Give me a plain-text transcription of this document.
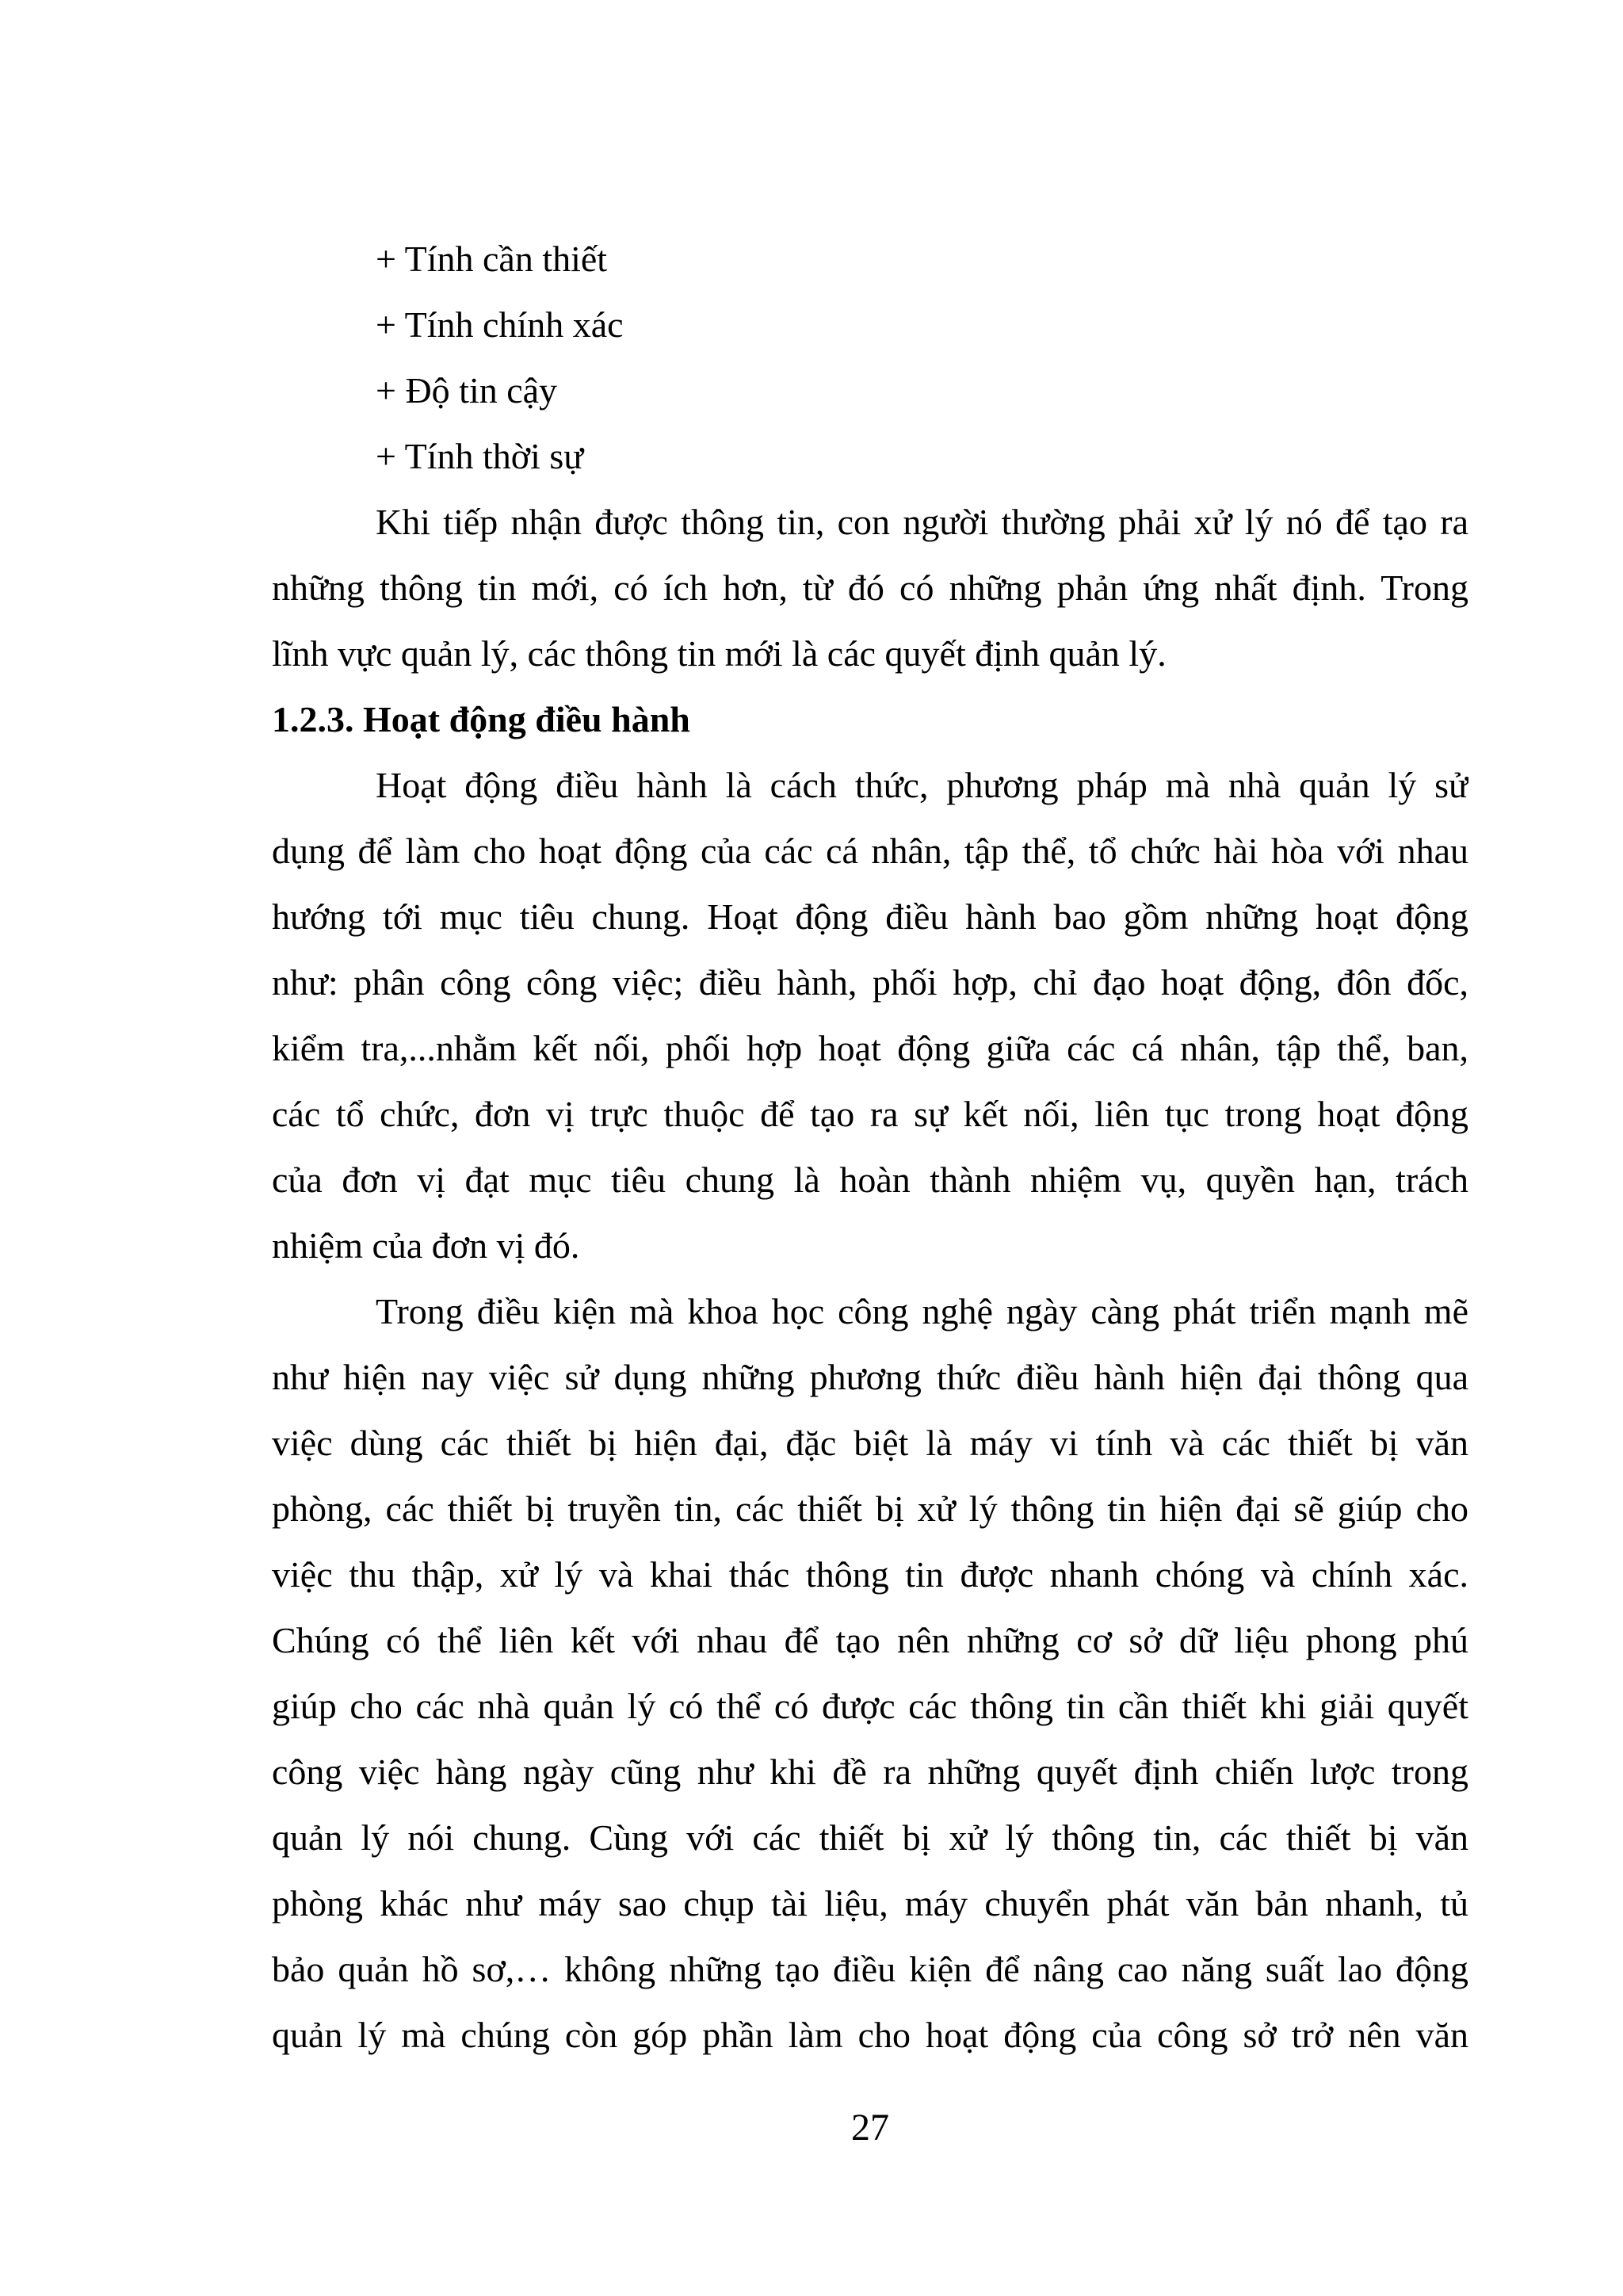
+ Tính cần thiết
+ Tính chính xác
+ Độ tin cậy
+ Tính thời sự
Khi tiếp nhận được thông tin, con người thường phải xử lý nó để tạo ra
những thông tin mới, có ích hơn, từ đó có những phản ứng nhất định. Trong
lĩnh vực quản lý, các thông tin mới là các quyết định quản lý.
1.2.3. Hoạt động điều hành
Hoạt động điều hành là cách thức, phương pháp mà nhà quản lý sử
dụng để làm cho hoạt động của các cá nhân, tập thể, tổ chức hài hòa với nhau
hướng tới mục tiêu chung. Hoạt động điều hành bao gồm những hoạt động
như: phân công công việc; điều hành, phối hợp, chỉ đạo hoạt động, đôn đốc,
kiểm tra,...nhằm kết nối, phối hợp hoạt động giữa các cá nhân, tập thể, ban,
các tổ chức, đơn vị trực thuộc để tạo ra sự kết nối, liên tục trong hoạt động
của đơn vị đạt mục tiêu chung là hoàn thành nhiệm vụ, quyền hạn, trách
nhiệm của đơn vị đó.
Trong điều kiện mà khoa học công nghệ ngày càng phát triển mạnh mẽ
như hiện nay việc sử dụng những phương thức điều hành hiện đại thông qua
việc dùng các thiết bị hiện đại, đặc biệt là máy vi tính và các thiết bị văn
phòng, các thiết bị truyền tin, các thiết bị xử lý thông tin hiện đại sẽ giúp cho
việc thu thập, xử lý và khai thác thông tin được nhanh chóng và chính xác.
Chúng có thể liên kết với nhau để tạo nên những cơ sở dữ liệu phong phú
giúp cho các nhà quản lý có thể có được các thông tin cần thiết khi giải quyết
công việc hàng ngày cũng như khi đề ra những quyết định chiến lược trong
quản lý nói chung. Cùng với các thiết bị xử lý thông tin, các thiết bị văn
phòng khác như máy sao chụp tài liệu, máy chuyển phát văn bản nhanh, tủ
bảo quản hồ sơ,… không những tạo điều kiện để nâng cao năng suất lao động
quản lý mà chúng còn góp phần làm cho hoạt động của công sở trở nên văn
27
